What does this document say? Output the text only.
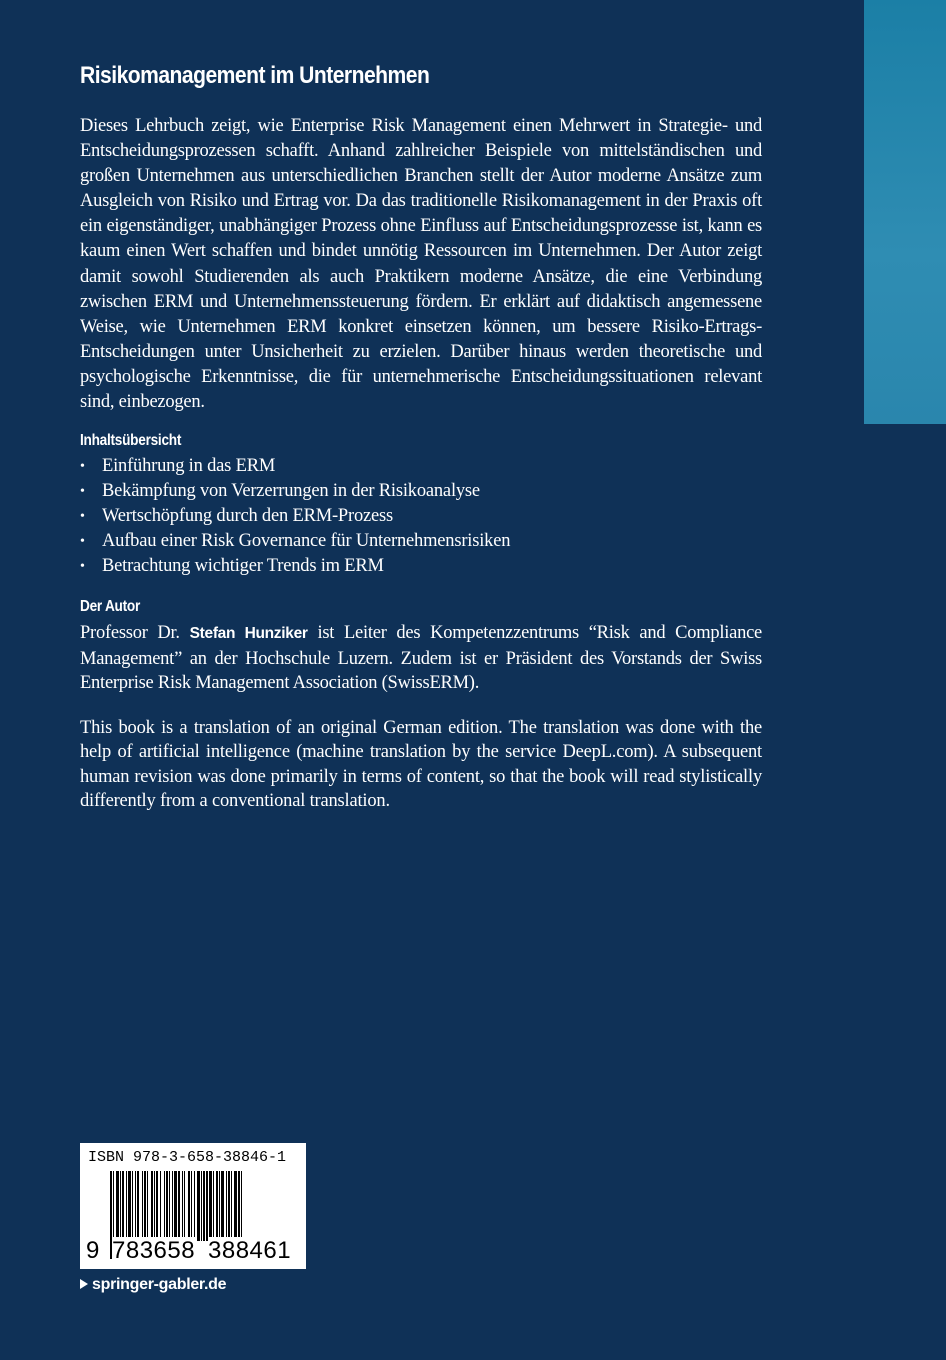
Risikomanagement im Unternehmen

Dieses Lehrbuch zeigt, wie Enterprise Risk Management einen Mehrwert in Strategie- und Entscheidungsprozessen schafft. Anhand zahlreicher Beispiele von mittelständischen und großen Unternehmen aus unterschiedlichen Branchen stellt der Autor moderne Ansätze zum Ausgleich von Risiko und Ertrag vor. Da das traditionelle Risikomanagement in der Praxis oft ein eigenständiger, unabhängiger Prozess ohne Einfluss auf Entscheidungsprozesse ist, kann es kaum einen Wert schaffen und bindet unnötig Ressourcen im Unternehmen. Der Autor zeigt damit sowohl Studierenden als auch Praktikern moderne Ansätze, die eine Verbindung zwischen ERM und Unternehmenssteuerung fördern. Er erklärt auf didaktisch angemessene Weise, wie Unternehmen ERM konkret einsetzen können, um bessere Risiko-Ertrags-Entscheidungen unter Unsicherheit zu erzielen. Darüber hinaus werden theoretische und psychologische Erkenntnisse, die für unternehmerische Entscheidungssituationen relevant sind, einbezogen.

Inhaltsübersicht
• Einführung in das ERM
• Bekämpfung von Verzerrungen in der Risikoanalyse
• Wertschöpfung durch den ERM-Prozess
• Aufbau einer Risk Governance für Unternehmensrisiken
• Betrachtung wichtiger Trends im ERM
Der Autor

Professor Dr. Stefan Hunziker ist Leiter des Kompetenzzentrums “Risk and Compliance Management” an der Hochschule Luzern. Zudem ist er Präsident des Vorstands der Swiss Enterprise Risk Management Association (SwissERM).

This book is a translation of an original German edition. The translation was done with the help of artificial intelligence (machine translation by the service DeepL.com). A subsequent human revision was done primarily in terms of content, so that the book will read stylistically differently from a conventional translation.

ISBN 978-3-658-38846-1
9 783658 388461
springer-gabler.de
